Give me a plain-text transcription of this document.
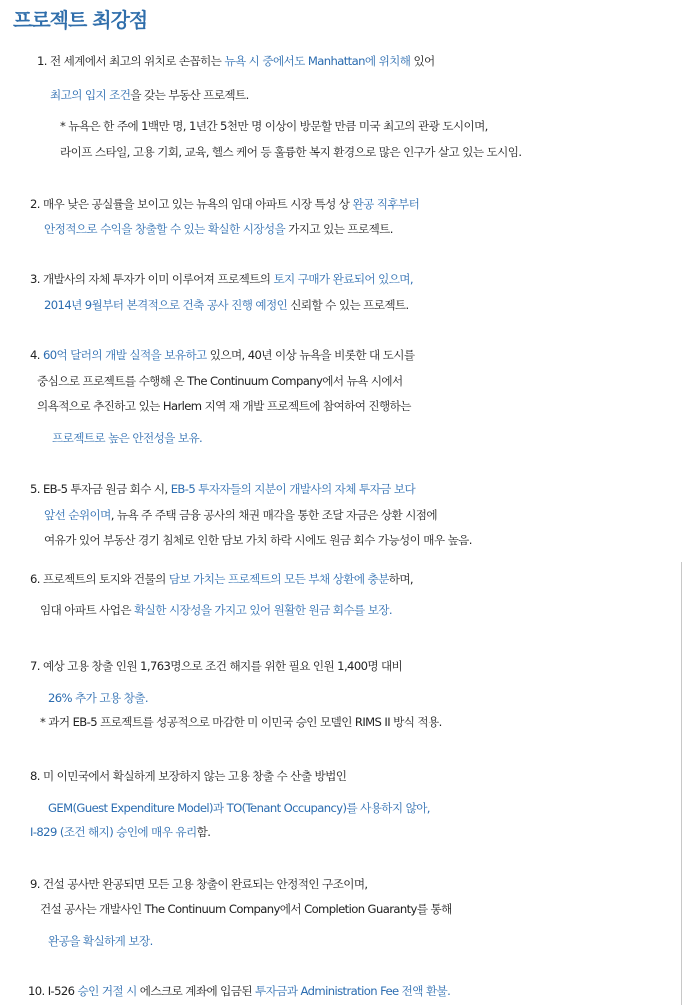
프로젝트 최강점
1. 전 세계에서 최고의 위치로 손꼽히는 뉴욕 시 중에서도 Manhattan에 위치해 있어
최고의 입지 조건을 갖는 부동산 프로젝트.
* 뉴욕은 한 주에 1백만 명, 1년간 5천만 명 이상이 방문할 만큼 미국 최고의 관광 도시이며,
라이프 스타일, 고용 기회, 교육, 헬스 케어 등 훌륭한 복지 환경으로 많은 인구가 살고 있는 도시임.
2. 매우 낮은 공실률을 보이고 있는 뉴욕의 임대 아파트 시장 특성 상 완공 직후부터
안정적으로 수익을 창출할 수 있는 확실한 시장성을 가지고 있는 프로젝트.
3. 개발사의 자체 투자가 이미 이루어져 프로젝트의 토지 구매가 완료되어 있으며,
2014년 9월부터 본격적으로 건축 공사 진행 예정인 신뢰할 수 있는 프로젝트.
4. 60억 달러의 개발 실적을 보유하고 있으며, 40년 이상 뉴욕을 비롯한 대 도시를
중심으로 프로젝트를 수행해 온 The Continuum Company에서 뉴욕 시에서
의욕적으로 추진하고 있는 Harlem 지역 재 개발 프로젝트에 참여하여 진행하는
프로젝트로 높은 안전성을 보유.
5. EB-5 투자금 원금 회수 시, EB-5 투자자들의 지분이 개발사의 자체 투자금 보다
앞선 순위이며, 뉴욕 주 주택 금융 공사의 채권 매각을 통한 조달 자금은 상환 시점에
여유가 있어 부동산 경기 침체로 인한 담보 가치 하락 시에도 원금 회수 가능성이 매우 높음.
6. 프로젝트의 토지와 건물의 담보 가치는 프로젝트의 모든 부채 상환에 충분하며,
임대 아파트 사업은 확실한 시장성을 가지고 있어 원활한 원금 회수를 보장.
7. 예상 고용 창출 인원 1,763명으로 조건 해지를 위한 필요 인원 1,400명 대비
26% 추가 고용 창출.
* 과거 EB-5 프로젝트를 성공적으로 마감한 미 이민국 승인 모델인 RIMS II 방식 적용.
8. 미 이민국에서 확실하게 보장하지 않는 고용 창출 수 산출 방법인
GEM(Guest Expenditure Model)과 TO(Tenant Occupancy)를 사용하지 않아,
I-829 (조건 해지) 승인에 매우 유리함.
9. 건설 공사만 완공되면 모든 고용 창출이 완료되는 안정적인 구조이며,
건설 공사는 개발사인 The Continuum Company에서 Completion Guaranty를 통해
완공을 확실하게 보장.
10. I-526 승인 거절 시 에스크로 계좌에 입금된 투자금과 Administration Fee 전액 환불.
